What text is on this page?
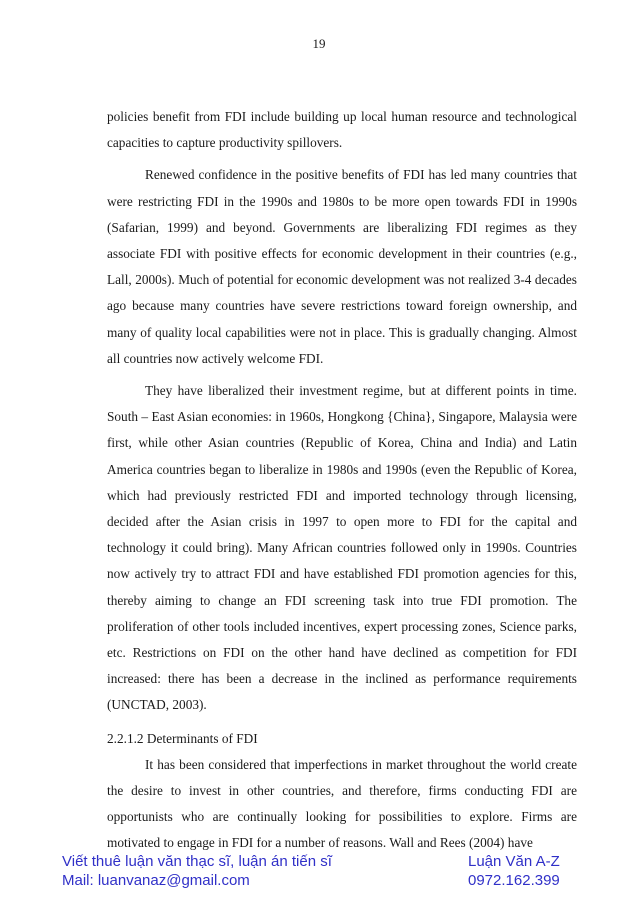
19

policies benefit from FDI include building up local human resource and technological capacities to capture productivity spillovers.

Renewed confidence in the positive benefits of FDI has led many countries that were restricting FDI in the 1990s and 1980s to be more open towards FDI in 1990s (Safarian, 1999) and beyond. Governments are liberalizing FDI regimes as they associate FDI with positive effects for economic development in their countries (e.g., Lall, 2000s). Much of potential for economic development was not realized 3-4 decades ago because many countries have severe restrictions toward foreign ownership, and many of quality local capabilities were not in place. This is gradually changing. Almost all countries now actively welcome FDI.

They have liberalized their investment regime, but at different points in time. South – East Asian economies: in 1960s, Hongkong {China}, Singapore, Malaysia were first, while other Asian countries (Republic of Korea, China and India) and Latin America countries began to liberalize in 1980s and 1990s (even the Republic of Korea, which had previously restricted FDI and imported technology through licensing, decided after the Asian crisis in 1997 to open more to FDI for the capital and technology it could bring). Many African countries followed only in 1990s. Countries now actively try to attract FDI and have established FDI promotion agencies for this, thereby aiming to change an FDI screening task into true FDI promotion. The proliferation of other tools included incentives, expert processing zones, Science parks, etc. Restrictions on FDI on the other hand have declined as competition for FDI increased: there has been a decrease in the inclined as performance requirements (UNCTAD, 2003).

2.2.1.2 Determinants of FDI

It has been considered that imperfections in market throughout the world create the desire to invest in other countries, and therefore, firms conducting FDI are opportunists who are continually looking for possibilities to explore. Firms are motivated to engage in FDI for a number of reasons. Wall and Rees (2004) have

Viết thuê luận văn thạc sĩ, luận án tiến sĩ
Mail: luanvanaz@gmail.com
Luận Văn A-Z
0972.162.399
